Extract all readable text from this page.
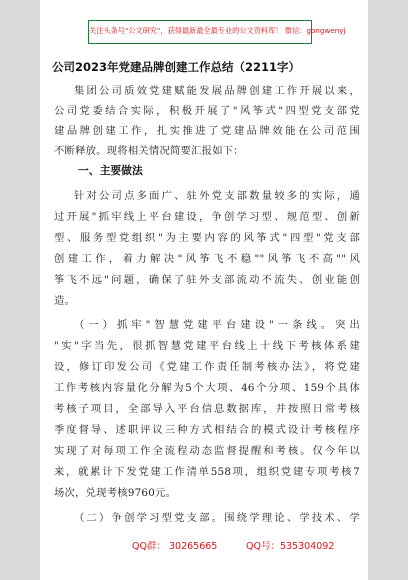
关注头条号"公文研究"，获得最新最全最专业的公文资料库！ 微信：gongwenyj
公司2023年党建品牌创建工作总结（2211字）
集团公司质效党建赋能发展品牌创建工作开展以来，
公司党委结合实际，积极开展了"风筝式"四型党支部党
建品牌创建工作，扎实推进了党建品牌效能在公司范围
不断释放。现将相关情况简要汇报如下：
一、主要做法
针对公司点多面广、驻外党支部数量较多的实际，通
过开展"抓牢线上平台建设，争创学习型、规范型、创新
型、服务型党组织"为主要内容的风筝式"四型"党支部
创建工作，着力解决"风筝飞不稳""风筝飞不高""风
筝飞不远"问题，确保了驻外支部流动不流失、创业能创
造。
（一）抓牢"智慧党建平台建设"一条线。突出
"实"字当先，很抓智慧党建平台线上十线下考核体系建
设，修订印发公司《党建工作责任制考核办法》，将党建
工作考核内容量化分解为5个大项、46个分项、159个具体
考核子项目，全部导入平台信息数据库，并按照日常考核
季度督导、述职评议三种方式相结合的模式设计考核程序
实现了对每项工作全流程动态监督提醒和考核。仅今年以
来，就累计下发党建工作清单558项，组织党建专项考核7
场次，兑现考核9760元。
（二）争创学习型党支部。围绕学理论、学技术、学
QQ群： 30265665	QQ号：535304092
